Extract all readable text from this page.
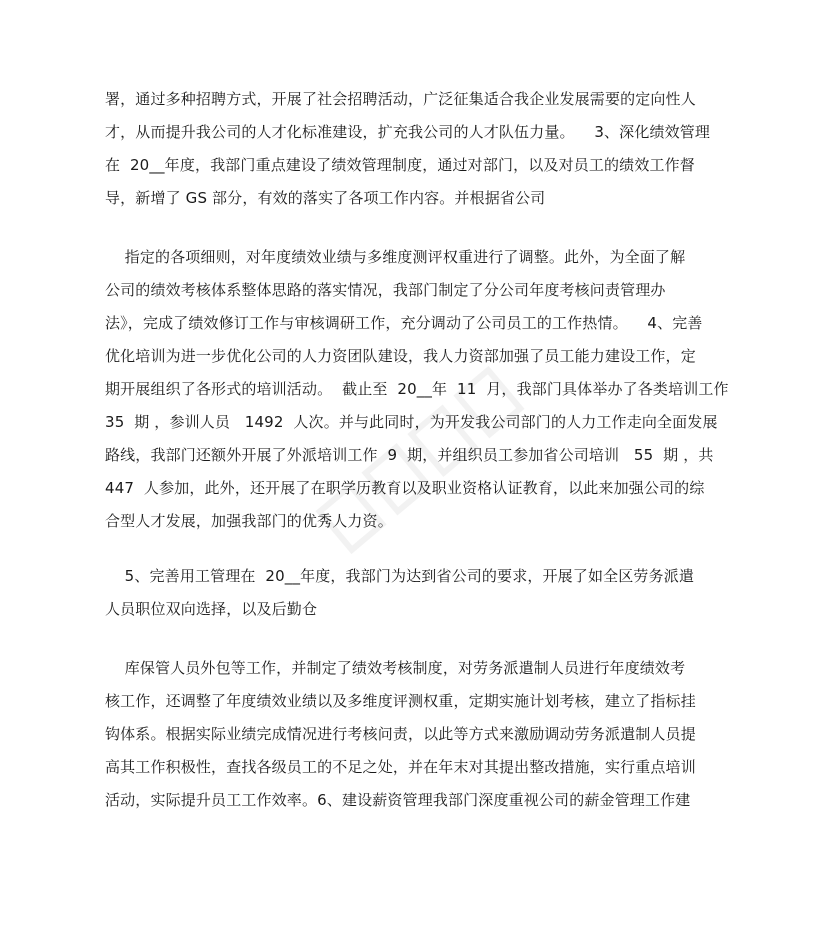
署，通过多种招聘方式，开展了社会招聘活动，广泛征集适合我企业发展需要的定向性人
才，从而提升我公司的人才化标准建设，扩充我公司的人才队伍力量。    3、深化绩效管理
在  20__年度，我部门重点建设了绩效管理制度，通过对部门，以及对员工的绩效工作督
导，新增了 GS 部分，有效的落实了各项工作内容。并根据省公司
指定的各项细则，对年度绩效业绩与多维度测评权重进行了调整。此外，为全面了解
公司的绩效考核体系整体思路的落实情况，我部门制定了分公司年度考核问责管理办
法》，完成了绩效修订工作与审核调研工作，充分调动了公司员工的工作热情。    4、完善
优化培训为进一步优化公司的人力资团队建设，我人力资部加强了员工能力建设工作，定
期开展组织了各形式的培训活动。  截止至  20__年  11  月，我部门具体举办了各类培训工作
35  期 ，参训人员   1492  人次。并与此同时，为开发我公司部门的人力工作走向全面发展
路线，我部门还额外开展了外派培训工作  9  期，并组织员工参加省公司培训   55  期 ，共
447  人参加，此外，还开展了在职学历教育以及职业资格认证教育，以此来加强公司的综
合型人才发展，加强我部门的优秀人力资。
5、完善用工管理在  20__年度，我部门为达到省公司的要求，开展了如全区劳务派遣
人员职位双向选择，以及后勤仓
库保管人员外包等工作，并制定了绩效考核制度，对劳务派遣制人员进行年度绩效考
核工作，还调整了年度绩效业绩以及多维度评测权重，定期实施计划考核，建立了指标挂
钩体系。根据实际业绩完成情况进行考核问责，以此等方式来激励调动劳务派遣制人员提
高其工作积极性，查找各级员工的不足之处，并在年末对其提出整改措施，实行重点培训
活动，实际提升员工工作效率。6、建设薪资管理我部门深度重视公司的薪金管理工作建
